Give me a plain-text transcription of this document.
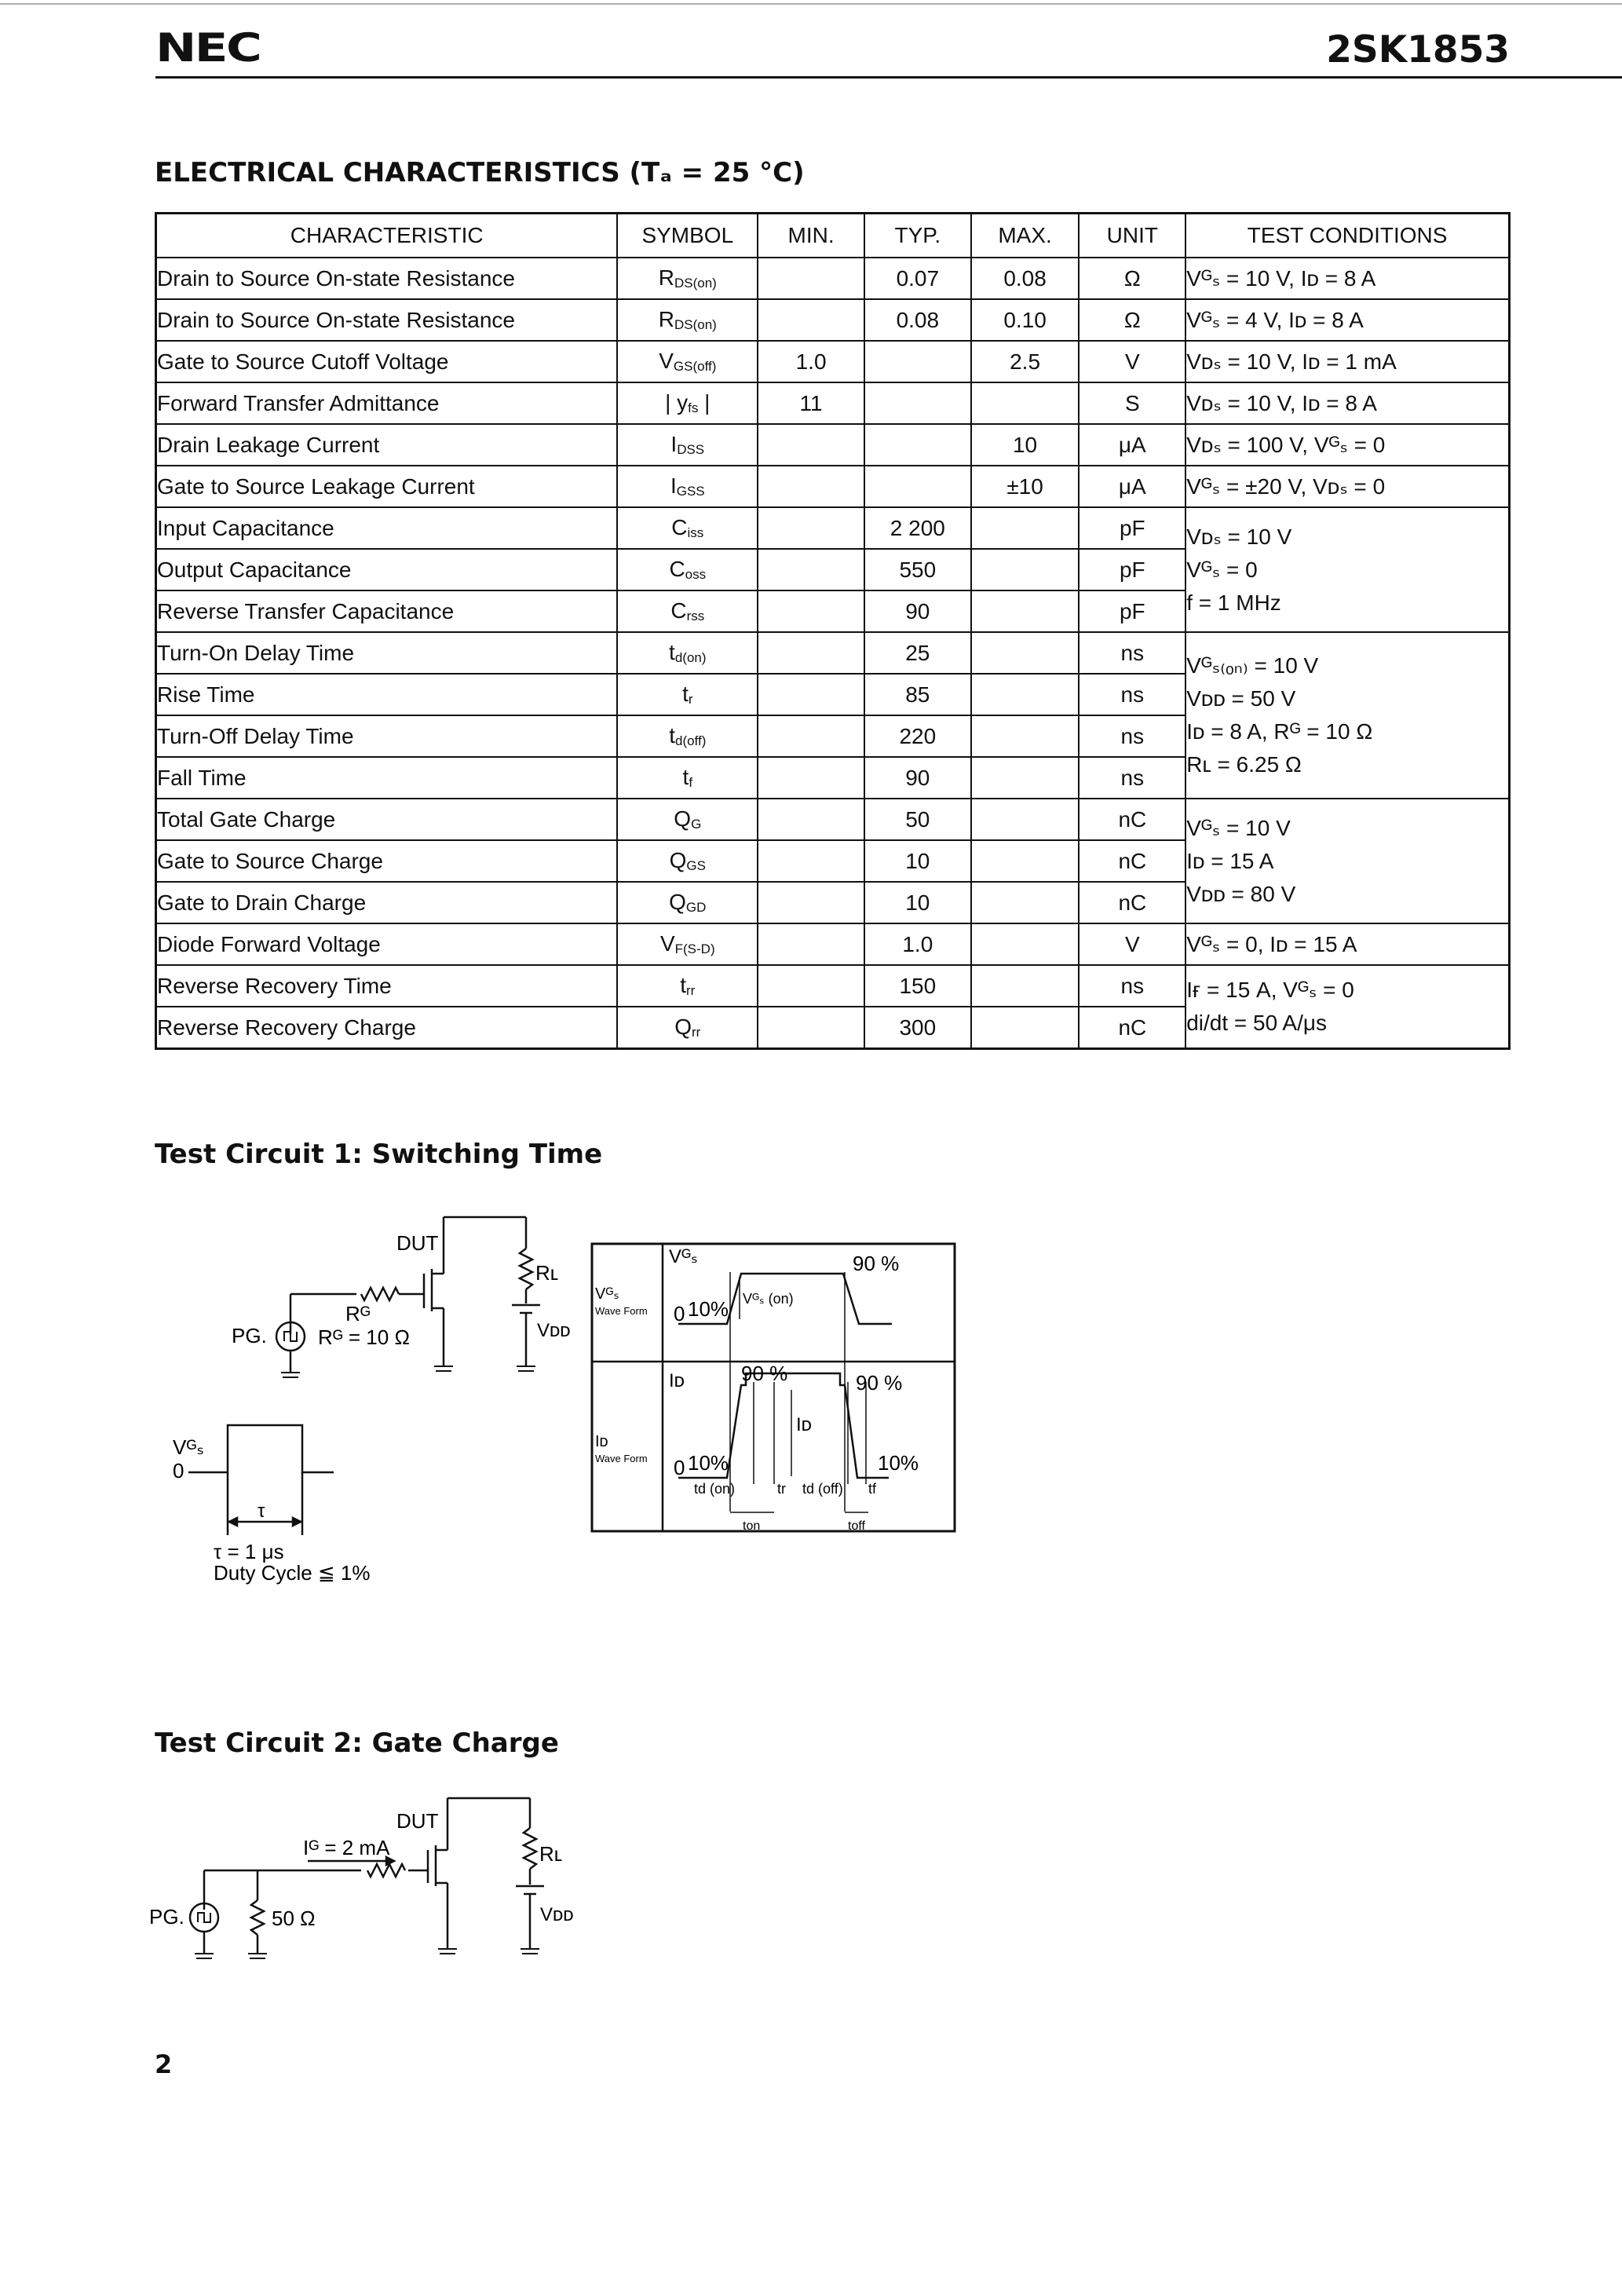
NEC	2SK1853
ELECTRICAL CHARACTERISTICS (Tₐ = 25 °C)
CHARACTERISTIC	SYMBOL	MIN.	TYP.	MAX.	UNIT	TEST CONDITIONS
Drain to Source On-state Resistance	$R_{DS(on)}$		0.07	0.08	Ω	Vᴳₛ = 10 V, Iᴅ = 8 A
Drain to Source On-state Resistance	$R_{DS(on)}$		0.08	0.10	Ω	Vᴳₛ = 4 V, Iᴅ = 8 A
Gate to Source Cutoff Voltage	$V_{GS(off)}$	1.0		2.5	V	Vᴅₛ = 10 V, Iᴅ = 1 mA
Forward Transfer Admittance	| $y_{fs}$ |	11			S	Vᴅₛ = 10 V, Iᴅ = 8 A
Drain Leakage Current	$I_{DSS}$			10	μA	Vᴅₛ = 100 V, Vᴳₛ = 0
Gate to Source Leakage Current	$I_{GSS}$			±10	μA	Vᴳₛ = ±20 V, Vᴅₛ = 0
Input Capacitance	$C_{iss}$		2 200		pF	Vᴅₛ = 10 V
Vᴳₛ = 0
f = 1 MHz

Output Capacitance	$C_{oss}$		550		pF	
Reverse Transfer Capacitance	$C_{rss}$		90		pF	
Turn-On Delay Time	$t_{d(on)}$		25		ns	Vᴳₛ₍ₒₙ₎ = 10 V
Vᴅᴅ = 50 V
Iᴅ = 8 A, Rᴳ = 10 Ω
Rʟ = 6.25 Ω

Rise Time	$t_r$		85		ns	
Turn-Off Delay Time	$t_{d(off)}$		220		ns	
Fall Time	$t_f$		90		ns	
Total Gate Charge	$Q_G$		50		nC	Vᴳₛ = 10 V
Iᴅ = 15 A
Vᴅᴅ = 80 V

Gate to Source Charge	$Q_{GS}$		10		nC	
Gate to Drain Charge	$Q_{GD}$		10		nC	
Diode Forward Voltage	$V_{F(S-D)}$		1.0		V	Vᴳₛ = 0, Iᴅ = 15 A
Reverse Recovery Time	$t_{rr}$		150		ns	Iғ = 15 A, Vᴳₛ = 0
di/dt = 50 A/μs

Reverse Recovery Charge	$Q_{rr}$		300		nC	
Test Circuit 1: Switching Time
DUT
Rʟ
Rᴳ
PG.	Rᴳ = 10 Ω	Vᴅᴅ
Vᴳₛ
0
τ
τ = 1 μs
Duty Cycle ≦ 1%
Vᴳₛ
Vᴳₛ
Wave Form 0 10%
90 %
Vᴳₛ (on)
Iᴅ
Iᴅ
Wave Form 0 10%
90 %	90 %
Iᴅ
10%
td (on)	tr td (off) tf
ton	toff
Test Circuit 2: Gate Charge
DUT
Iᴳ = 2 mA	Rʟ
PG.	50 Ω	Vᴅᴅ
2
